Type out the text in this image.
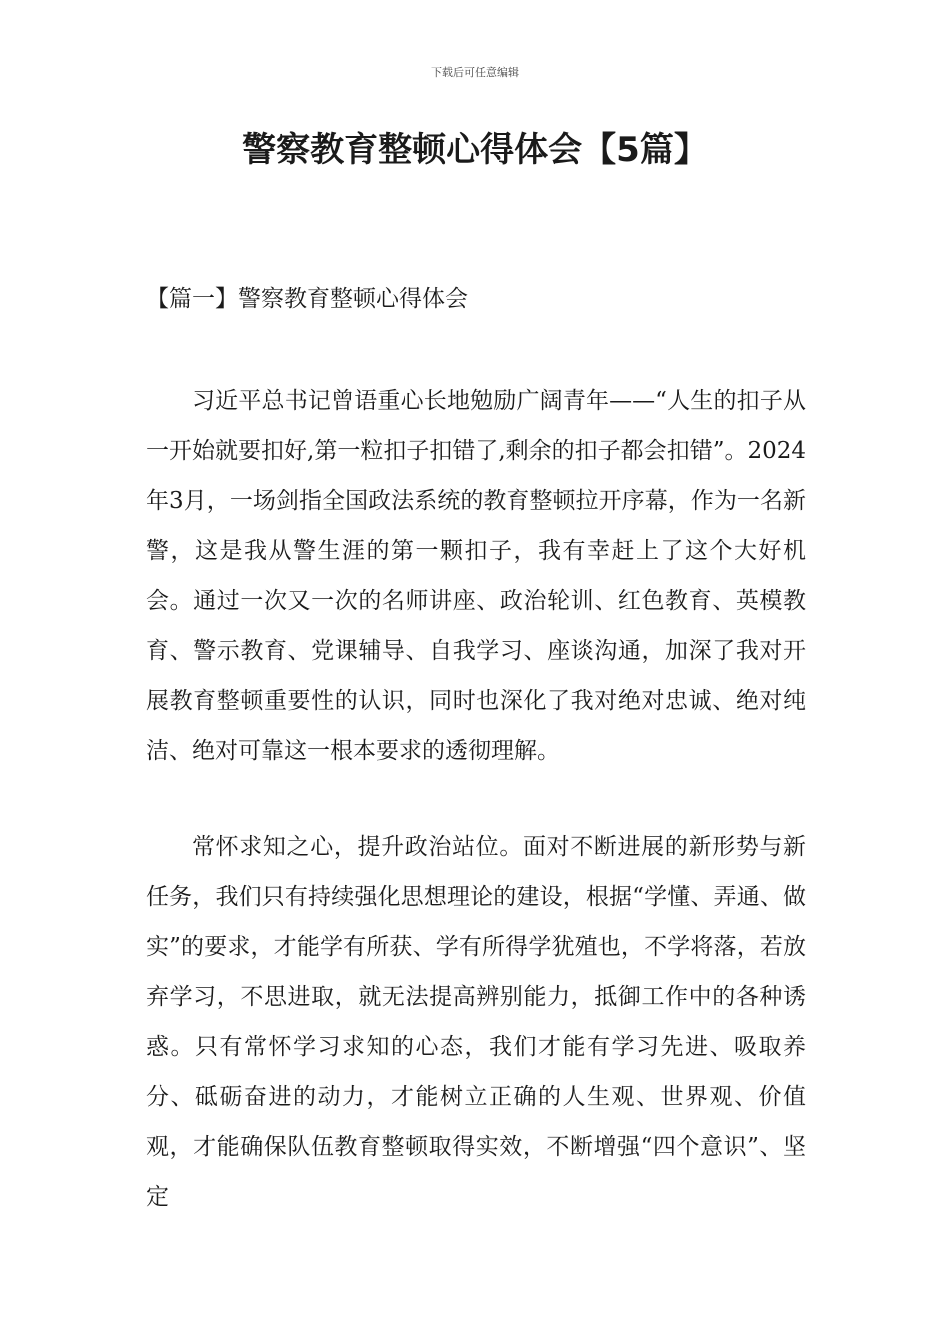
下载后可任意编辑
警察教育整顿心得体会【5篇】
【篇一】警察教育整顿心得体会

习近平总书记曾语重心长地勉励广阔青年——“人生的扣子从一开始就要扣好,第一粒扣子扣错了,剩余的扣子都会扣错”。2024年3月，一场剑指全国政法系统的教育整顿拉开序幕，作为一名新警，这是我从警生涯的第一颗扣子，我有幸赶上了这个大好机会。通过一次又一次的名师讲座、政治轮训、红色教育、英模教育、警示教育、党课辅导、自我学习、座谈沟通，加深了我对开展教育整顿重要性的认识，同时也深化了我对绝对忠诚、绝对纯洁、绝对可靠这一根本要求的透彻理解。

常怀求知之心，提升政治站位。面对不断进展的新形势与新任务，我们只有持续强化思想理论的建设，根据“学懂、弄通、做实”的要求，才能学有所获、学有所得学犹殖也，不学将落，若放弃学习，不思进取，就无法提高辨别能力，抵御工作中的各种诱惑。只有常怀学习求知的心态，我们才能有学习先进、吸取养分、砥砺奋进的动力，才能树立正确的人生观、世界观、价值观，才能确保队伍教育整顿取得实效，不断增强“四个意识”、坚定
